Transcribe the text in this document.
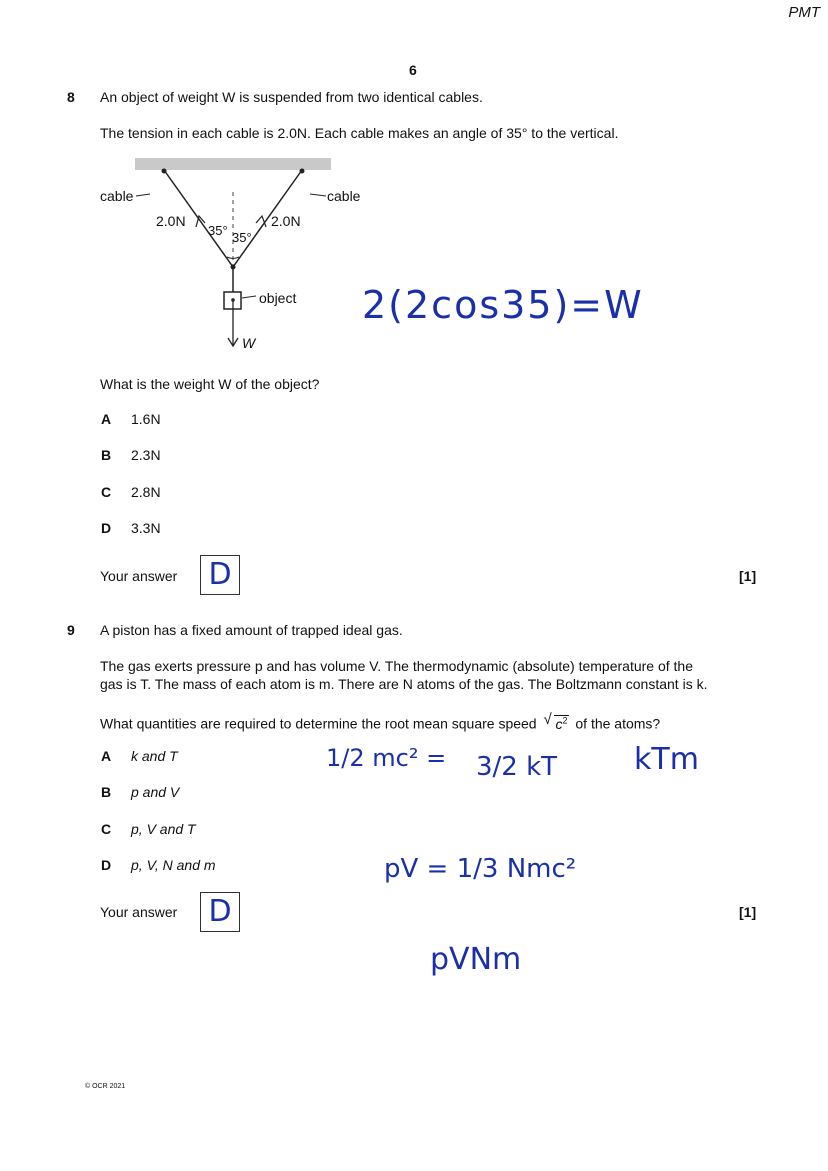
PMT
6
8 An object of weight W is suspended from two identical cables.
The tension in each cable is 2.0N. Each cable makes an angle of 35° to the vertical.
cable	cable
2.0N	2.0N
35° 35°
object
W
2(2cos35)=W
What is the weight W of the object?
A 1.6N
B 2.3N
C 2.8N
D 3.3N
Your answer D	[1]
9 A piston has a fixed amount of trapped ideal gas.
The gas exerts pressure p and has volume V. The thermodynamic (absolute) temperature of the
gas is T. The mass of each atom is m. There are N atoms of the gas. The Boltzmann constant is k.
What quantities are required to determine the root mean square speed √ $c^2$ of the atoms?
A k and T
B p and V
C p, V and T
D p, V, N and m
1/2 mc² = 3/2 kT	kTm
pV = 1/3 Nmc²
pVNm
Your answer D	[1]
© OCR 2021
